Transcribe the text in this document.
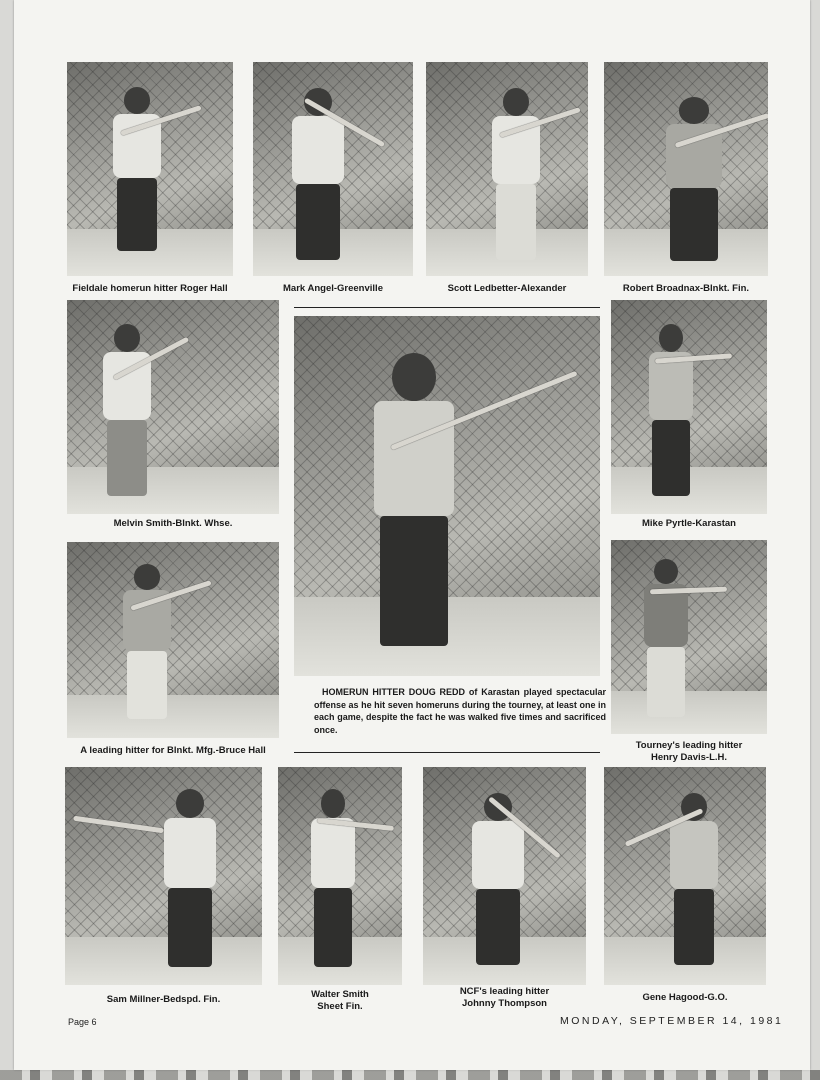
Fieldale homerun hitter Roger Hall	Mark Angel-Greenville	Scott Ledbetter-Alexander	Robert Broadnax-Blnkt. Fin.
Melvin Smith-Blnkt. Whse.	Mike Pyrtle-Karastan
A leading hitter for Blnkt. Mfg.-Bruce Hall
HOMERUN HITTER DOUG REDD of Karastan played spectacular offense as he hit seven homeruns during the tourney, at least one in each game, despite the fact he was walked five times and sacrificed once.
Tourney's leading hitter
Henry Davis-L.H.
Sam Millner-Bedspd. Fin.	Walter Smith
Sheet Fin.
NCF's leading hitter
Johnny Thompson
Gene Hagood-G.O.
Page 6	MONDAY, SEPTEMBER 14, 1981
